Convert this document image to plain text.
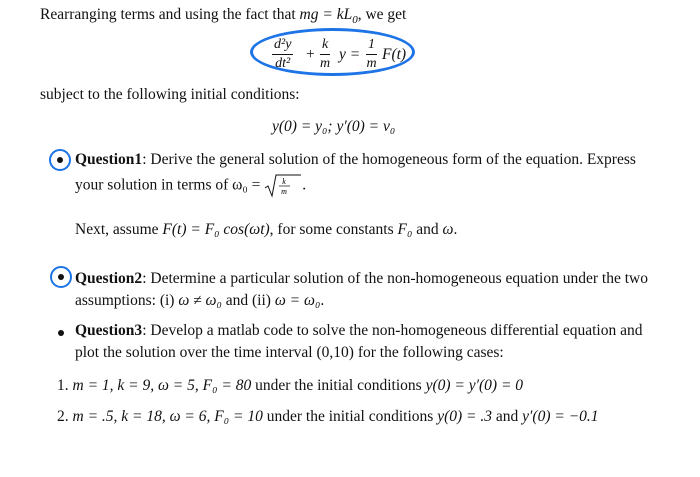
Rearranging terms and using the fact that mg = $kL_0$, we get
d²y
dt²
+
k
m
y =
1
m
F(t)
subject to the following initial conditions:
y(0) = y₀; y′(0) = v₀
Question1: Derive the general solution of the homogeneous form of the equation. Express
your solution in terms of ω₀ =	k
m .
Next, assume F(t) = F₀ cos(ωt), for some constants F₀ and ω.
Question2: Determine a particular solution of the non-homogeneous equation under the two
assumptions: (i) ω ≠ ω₀ and (ii) ω = ω₀.
Question3: Develop a matlab code to solve the non-homogeneous differential equation and
plot the solution over the time interval (0,10) for the following cases:
1. m = 1, k = 9, ω = 5, F₀ = 80 under the initial conditions y(0) = y′(0) = 0
2. m = .5, k = 18, ω = 6, F₀ = 10 under the initial conditions y(0) = .3 and y′(0) = −0.1
